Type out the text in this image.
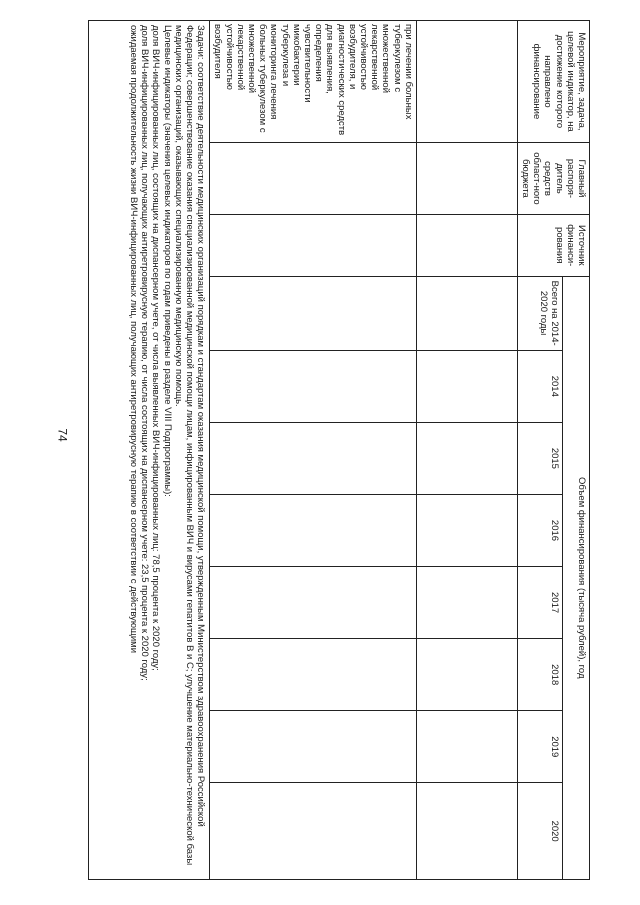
74
Мероприятие, задача, целевой индикатор, на достижение которого направлено финансирование	Главный распоря-дитель средств област-ного бюджета	Источник финанси-рования	Объем финансирования (тысяча рублей), год							
			Всего на 2014-2020 годы	2014	2015	2016	2017	2018	2019	2020

при лечении больных туберкулезом с множественной лекарственной устойчивостью возбудителя, и диагностических средств для выявления, определения чувствительности микобактерии туберкулеза и мониторинга лечения больных туберкулезом с множественной лекарственной устойчивостью возбудителя										

Задачи: соответствие деятельности медицинских организаций порядкам и стандартам оказания медицинской помощи, утвержденным Министерством здравоохранения Российской Федерации; совершенствование оказания специализированной медицинской помощи лицам, инфицированным ВИЧ и вирусами гепатитов В и С; улучшение материально-технической базы медицинских организаций, оказывающих специализированную медицинскую помощь.

Целевые индикаторы (значения целевых индикаторов по годам приведены в разделе VIII Подпрограммы):

доля ВИЧ-инфицированных лиц, состоящих на диспансерном учете, от числа выявленных ВИЧ-инфицированных лиц: 78,5 процента к 2020 году;

доля ВИЧ-инфицированных лиц, получающих антиретровирусную терапию, от числа состоящих на диспансерном учете: 23,5 процента к 2020 году;

ожидаемая продолжительность жизни ВИЧ-инфицированных лиц, получающих антиретровирусную терапию в соответствии с действующими										
